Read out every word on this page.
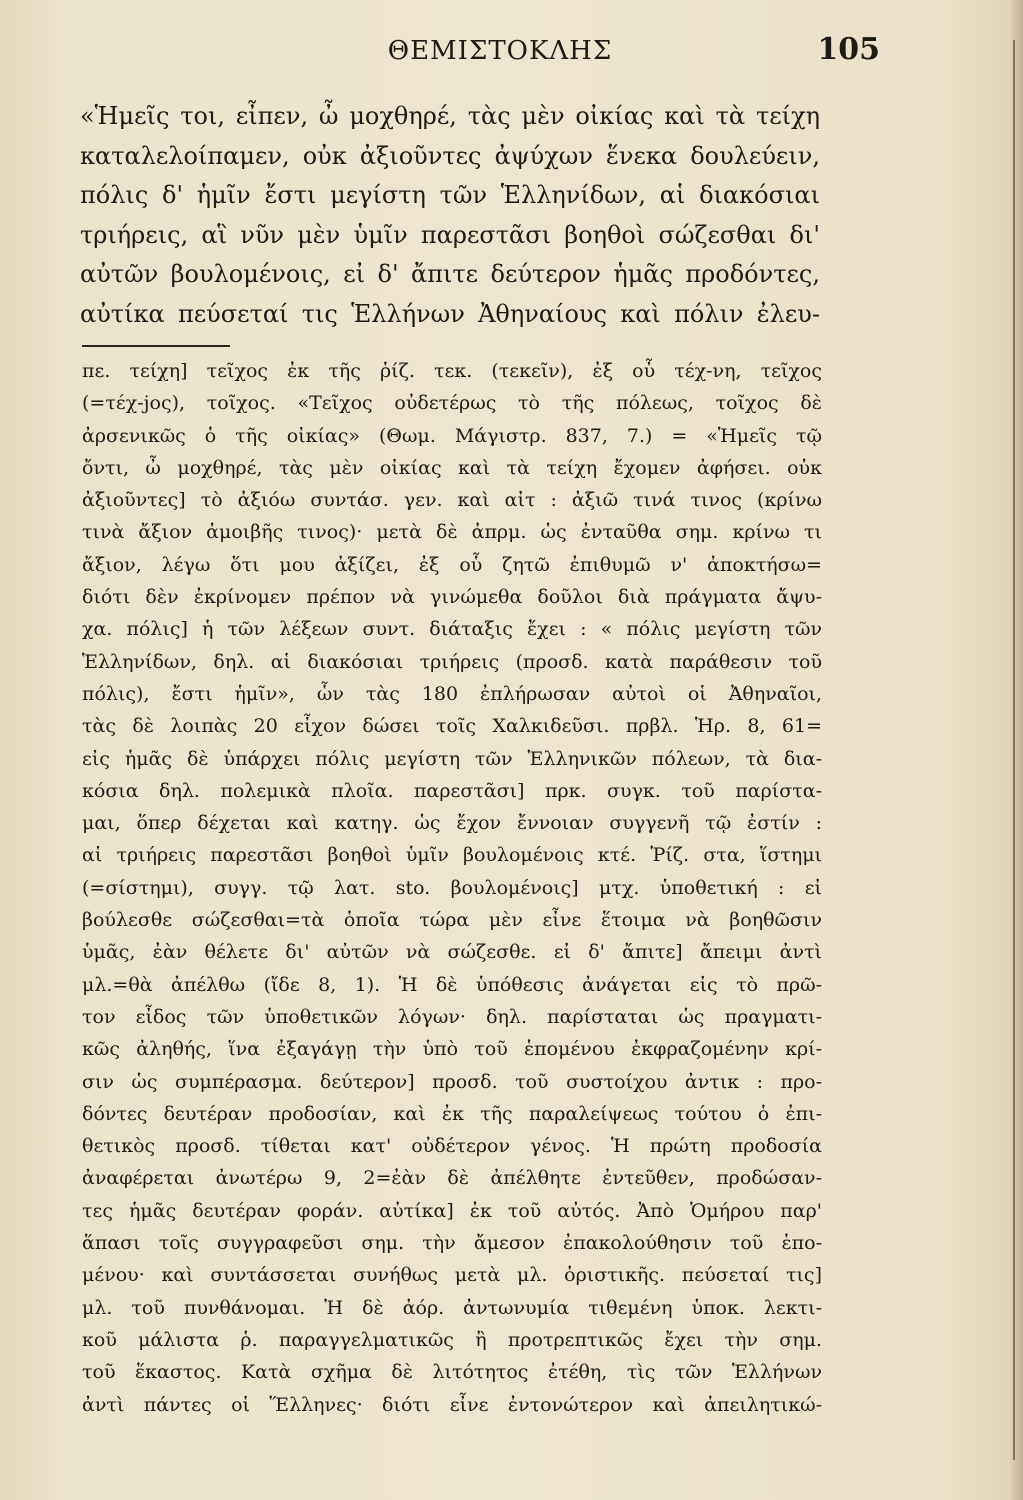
ΘΕΜΙΣΤΟΚΛΗΣ	105
«Ἡμεῖς τοι, εἶπεν, ὦ μοχθηρέ, τὰς μὲν οἰκίας καὶ τὰ τείχη
καταλελοίπαμεν, οὐκ ἀξιοῦντες ἀψύχων ἕνεκα δουλεύειν,
πόλις δ' ἡμῖν ἔστι μεγίστη τῶν Ἑλληνίδων, αἱ διακόσιαι
τριήρεις, αἳ νῦν μὲν ὑμῖν παρεστᾶσι βοηθοὶ σώζεσθαι δι'
αὐτῶν βουλομένοις, εἰ δ' ἄπιτε δεύτερον ἡμᾶς προδόντες,
αὐτίκα πεύσεταί τις Ἑλλήνων Ἀθηναίους καὶ πόλιν ἐλευ-
πε. τείχη] τεῖχος ἐκ τῆς ῥίζ. τεκ. (τεκεῖν), ἐξ οὗ τέχ-νη, τεῖχος
(=τέχ-jος), τοῖχος. «Τεῖχος οὐδετέρως τὸ τῆς πόλεως, τοῖχος δὲ
ἀρσενικῶς ὁ τῆς οἰκίας» (Θωμ. Μάγιστρ. 837, 7.) = «Ἡμεῖς τῷ
ὄντι, ὦ μοχθηρέ, τὰς μὲν οἰκίας καὶ τὰ τείχη ἔχομεν ἀφήσει. οὐκ
ἀξιοῦντες] τὸ ἀξιόω συντάσ. γεν. καὶ αἰτ : ἀξιῶ τινά τινος (κρίνω
τινὰ ἄξιον ἀμοιβῆς τινος)· μετὰ δὲ ἀπρμ. ὡς ἐνταῦθα σημ. κρίνω τι
ἄξιον, λέγω ὅτι μου ἀξίζει, ἐξ οὗ ζητῶ ἐπιθυμῶ ν' ἀποκτήσω=
διότι δὲν ἐκρίνομεν πρέπον νὰ γινώμεθα δοῦλοι διὰ πράγματα ἄψυ-
χα. πόλις] ἡ τῶν λέξεων συντ. διάταξις ἔχει : « πόλις μεγίστη τῶν
Ἑλληνίδων, δηλ. αἱ διακόσιαι τριήρεις (προσδ. κατὰ παράθεσιν τοῦ
πόλις), ἔστι ἡμῖν», ὧν τὰς 180 ἐπλήρωσαν αὐτοὶ οἱ Ἀθηναῖοι,
τὰς δὲ λοιπὰς 20 εἶχον δώσει τοῖς Χαλκιδεῦσι. πρβλ. Ἡρ. 8, 61=
εἰς ἡμᾶς δὲ ὑπάρχει πόλις μεγίστη τῶν Ἑλληνικῶν πόλεων, τὰ δια-
κόσια δηλ. πολεμικὰ πλοῖα. παρεστᾶσι] πρκ. συγκ. τοῦ παρίστα-
μαι, ὅπερ δέχεται καὶ κατηγ. ὡς ἔχον ἔννοιαν συγγενῆ τῷ ἐστίν :
αἱ τριήρεις παρεστᾶσι βοηθοὶ ὑμῖν βουλομένοις κτέ. Ῥίζ. στα, ἵστημι
(=σίστημι), συγγ. τῷ λατ. sto. βουλομένοις] μτχ. ὑποθετική : εἰ
βούλεσθε σώζεσθαι=τὰ ὁποῖα τώρα μὲν εἶνε ἕτοιμα νὰ βοηθῶσιν
ὑμᾶς, ἐὰν θέλετε δι' αὐτῶν νὰ σώζεσθε. εἰ δ' ἄπιτε] ἄπειμι ἀντὶ
μλ.=θὰ ἀπέλθω (ἴδε 8, 1). Ἡ δὲ ὑπόθεσις ἀνάγεται εἰς τὸ πρῶ-
τον εἶδος τῶν ὑποθετικῶν λόγων· δηλ. παρίσταται ὡς πραγματι-
κῶς ἀληθής, ἵνα ἐξαγάγῃ τὴν ὑπὸ τοῦ ἑπομένου ἐκφραζομένην κρί-
σιν ὡς συμπέρασμα. δεύτερον] προσδ. τοῦ συστοίχου ἀντικ : προ-
δόντες δευτέραν προδοσίαν, καὶ ἐκ τῆς παραλείψεως τούτου ὁ ἐπι-
θετικὸς προσδ. τίθεται κατ' οὐδέτερον γένος. Ἡ πρώτη προδοσία
ἀναφέρεται ἀνωτέρω 9, 2=ἐὰν δὲ ἀπέλθητε ἐντεῦθεν, προδώσαν-
τες ἡμᾶς δευτέραν φοράν. αὐτίκα] ἐκ τοῦ αὐτός. Ἀπὸ Ὁμήρου παρ'
ἅπασι τοῖς συγγραφεῦσι σημ. τὴν ἄμεσον ἐπακολούθησιν τοῦ ἑπο-
μένου· καὶ συντάσσεται συνήθως μετὰ μλ. ὁριστικῆς. πεύσεταί τις]
μλ. τοῦ πυνθάνομαι. Ἡ δὲ ἀόρ. ἀντωνυμία τιθεμένη ὑποκ. λεκτι-
κοῦ μάλιστα ῥ. παραγγελματικῶς ἢ προτρεπτικῶς ἔχει τὴν σημ.
τοῦ ἕκαστος. Κατὰ σχῆμα δὲ λιτότητος ἐτέθη, τὶς τῶν Ἑλλήνων
ἀντὶ πάντες οἱ Ἕλληνες· διότι εἶνε ἐντονώτερον καὶ ἀπειλητικώ-
